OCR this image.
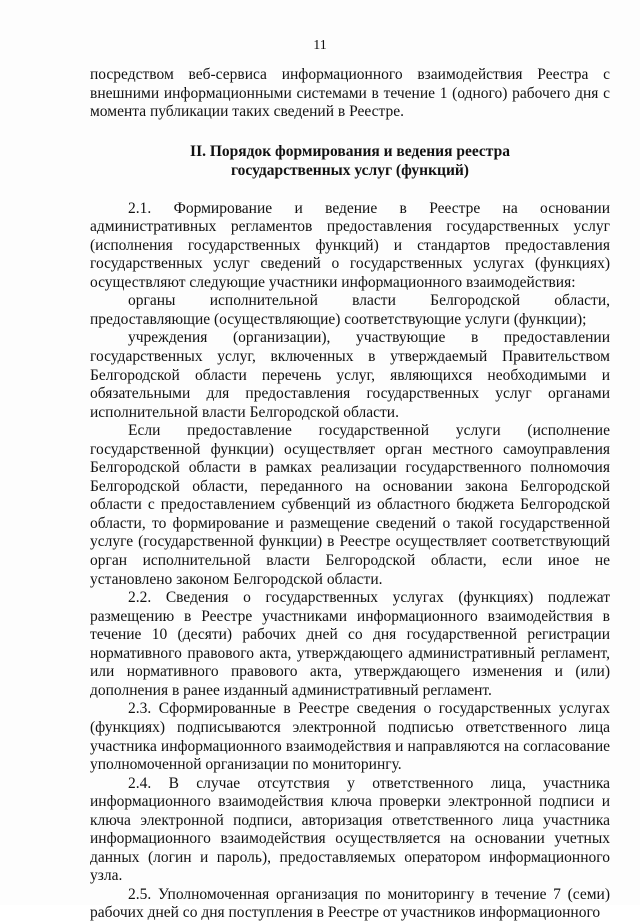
11

посредством веб-сервиса информационного взаимодействия Реестра с внешними информационными системами в течение 1 (одного) рабочего дня с момента публикации таких сведений в Реестре.

II. Порядок формирования и ведения реестра
государственных услуг (функций)

2.1. Формирование и ведение в Реестре на основании административных регламентов предоставления государственных услуг (исполнения государственных функций) и стандартов предоставления государственных услуг сведений о государственных услугах (функциях) осуществляют следующие участники информационного взаимодействия:

органы исполнительной власти Белгородской области, предоставляющие (осуществляющие) соответствующие услуги (функции);

учреждения (организации), участвующие в предоставлении государственных услуг, включенных в утверждаемый Правительством Белгородской области перечень услуг, являющихся необходимыми и обязательными для предоставления государственных услуг органами исполнительной власти Белгородской области.

Если предоставление государственной услуги (исполнение государственной функции) осуществляет орган местного самоуправления Белгородской области в рамках реализации государственного полномочия Белгородской области, переданного на основании закона Белгородской области с предоставлением субвенций из областного бюджета Белгородской области, то формирование и размещение сведений о такой государственной услуге (государственной функции) в Реестре осуществляет соответствующий орган исполнительной власти Белгородской области, если иное не установлено законом Белгородской области.

2.2. Сведения о государственных услугах (функциях) подлежат размещению в Реестре участниками информационного взаимодействия в течение 10 (десяти) рабочих дней со дня государственной регистрации нормативного правового акта, утверждающего административный регламент, или нормативного правового акта, утверждающего изменения и (или) дополнения в ранее изданный административный регламент.

2.3. Сформированные в Реестре сведения о государственных услугах (функциях) подписываются электронной подписью ответственного лица участника информационного взаимодействия и направляются на согласование уполномоченной организации по мониторингу.

2.4. В случае отсутствия у ответственного лица, участника информационного взаимодействия ключа проверки электронной подписи и ключа электронной подписи, авторизация ответственного лица участника информационного взаимодействия осуществляется на основании учетных данных (логин и пароль), предоставляемых оператором информационного узла.

2.5. Уполномоченная организация по мониторингу в течение 7 (семи) рабочих дней со дня поступления в Реестре от участников информационного
